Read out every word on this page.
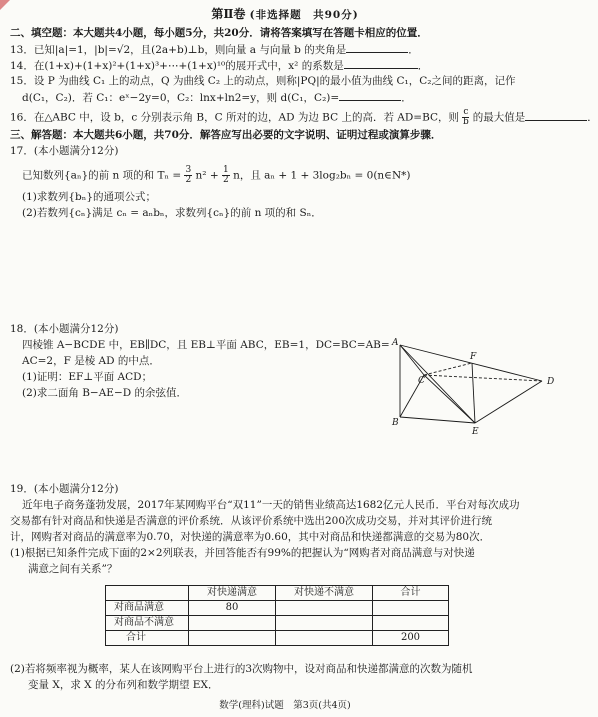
第Ⅱ卷 (非选择题　共90分)
二、填空题：本大题共4小题，每小题5分，共20分．请将答案填写在答题卡相应的位置．
13．已知|a|=1，|b|=√2，且(2a+b)⊥b，则向量 a 与向量 b 的夹角是	．
14．在(1+x)+(1+x)²+(1+x)³+⋯+(1+x)¹⁰的展开式中，x² 的系数是	．
15．设 P 为曲线 C₁ 上的动点，Q 为曲线 C₂ 上的动点，则称|PQ|的最小值为曲线 C₁，C₂之间的距离，记作
d(C₁，C₂)．若 C₁：eˣ−2y=0，C₂：lnx+ln2=y，则 d(C₁，C₂)=	．
16．在△ABC 中，设 b，c 分别表示角 B，C 所对的边，AD 为边 BC 上的高．若 AD=BC，则 $\frac{c}{b}$ 的最大值是	．
三、解答题：本大题共6小题，共70分．解答应写出必要的文字说明、证明过程或演算步骤．
17．(本小题满分12分)
已知数列{aₙ}的前 n 项的和 $T_n = \frac{3}{2} n^2 + \frac{1}{2}$ n，且 aₙ + 1 + 3log₂bₙ = 0(n∈N*)
(1)求数列{bₙ}的通项公式；
(2)若数列{cₙ}满足 cₙ = aₙbₙ，求数列{cₙ}的前 n 项的和 Sₙ．
18．(本小题满分12分)
四棱锥 A−BCDE 中，EB∥DC，且 EB⊥平面 ABC，EB=1，DC=BC=AB=
AC=2，F 是棱 AD 的中点．
(1)证明：EF⊥平面 ACD；
(2)求二面角 B−AE−D 的余弦值．
A
B
C	D
E
F
19．(本小题满分12分)
近年电子商务蓬勃发展，2017年某网购平台“双11”一天的销售业绩高达1682亿元人民币．平台对每次成功
交易都有针对商品和快递是否满意的评价系统．从该评价系统中选出200次成功交易，并对其评价进行统
计，网购者对商品的满意率为0.70，对快递的满意率为0.60，其中对商品和快递都满意的交易为80次．
(1)根据已知条件完成下面的2×2列联表，并回答能否有99%的把握认为“网购者对商品满意与对快递
满意之间有关系”？
	对快递满意	对快递不满意	合计
对商品满意	80		
对商品不满意			
合计			200
(2)若将频率视为概率，某人在该网购平台上进行的3次购物中，设对商品和快递都满意的次数为随机
变量 X，求 X 的分布列和数学期望 EX．
数学(理科)试题　第3页(共4页)
